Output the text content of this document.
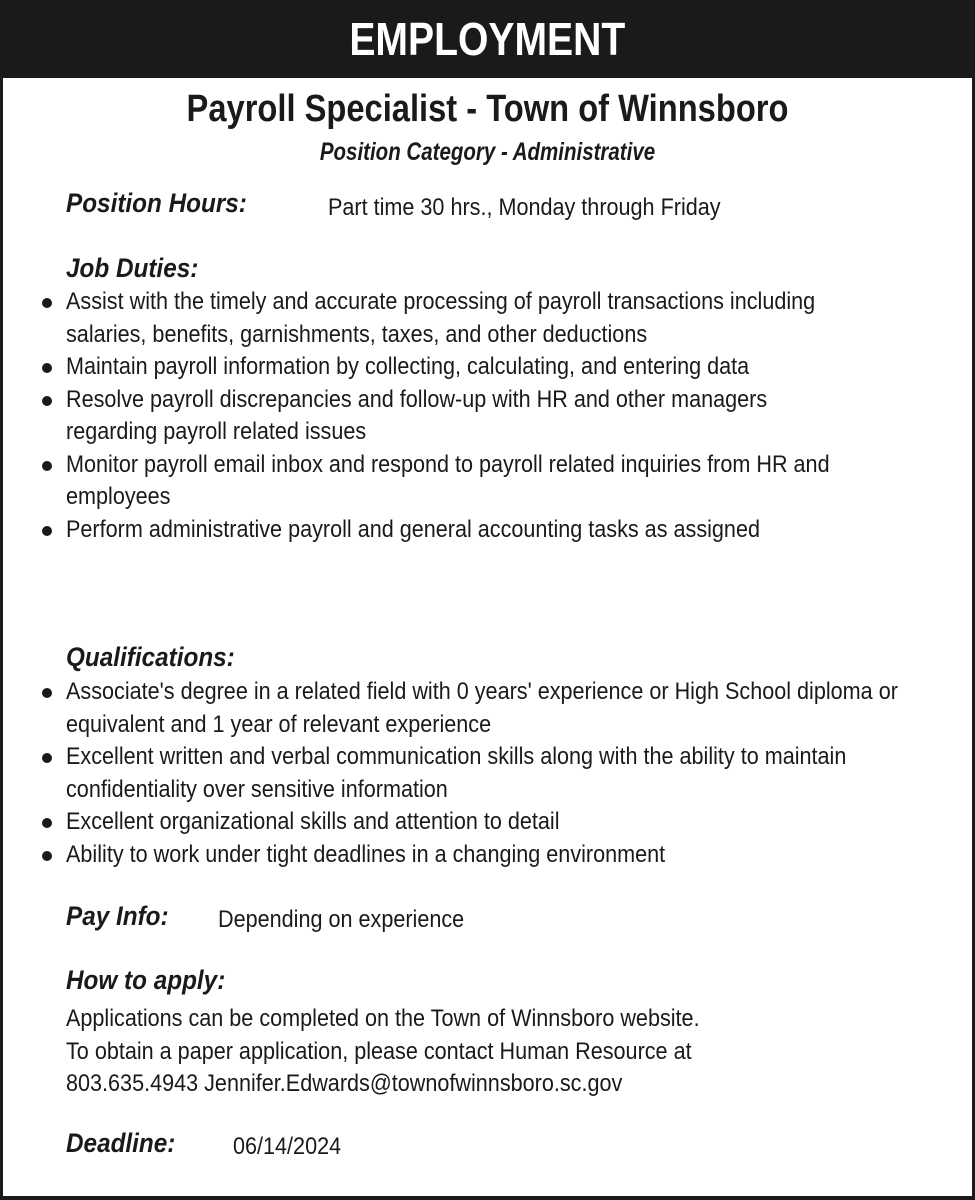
EMPLOYMENT
Payroll Specialist - Town of Winnsboro
Position Category - Administrative
Position Hours:	Part time 30 hrs., Monday through Friday
Job Duties:
Assist with the timely and accurate processing of payroll transactions including salaries, benefits, garnishments, taxes, and other deductions
Maintain payroll information by collecting, calculating, and entering data
Resolve payroll discrepancies and follow-up with HR and other managers regarding payroll related issues
Monitor payroll email inbox and respond to payroll related inquiries from HR and employees
Perform administrative payroll and general accounting tasks as assigned
Qualifications:
Associate's degree in a related field with 0 years' experience or High School diploma or equivalent and 1 year of relevant experience
Excellent written and verbal communication skills along with the ability to maintain confidentiality over sensitive information
Excellent organizational skills and attention to detail
Ability to work under tight deadlines in a changing environment
Pay Info: Depending on experience
How to apply:
Applications can be completed on the Town of Winnsboro website.
To obtain a paper application, please contact Human Resource at
803.635.4943 Jennifer.Edwards@townofwinnsboro.sc.gov
Deadline: 06/14/2024
